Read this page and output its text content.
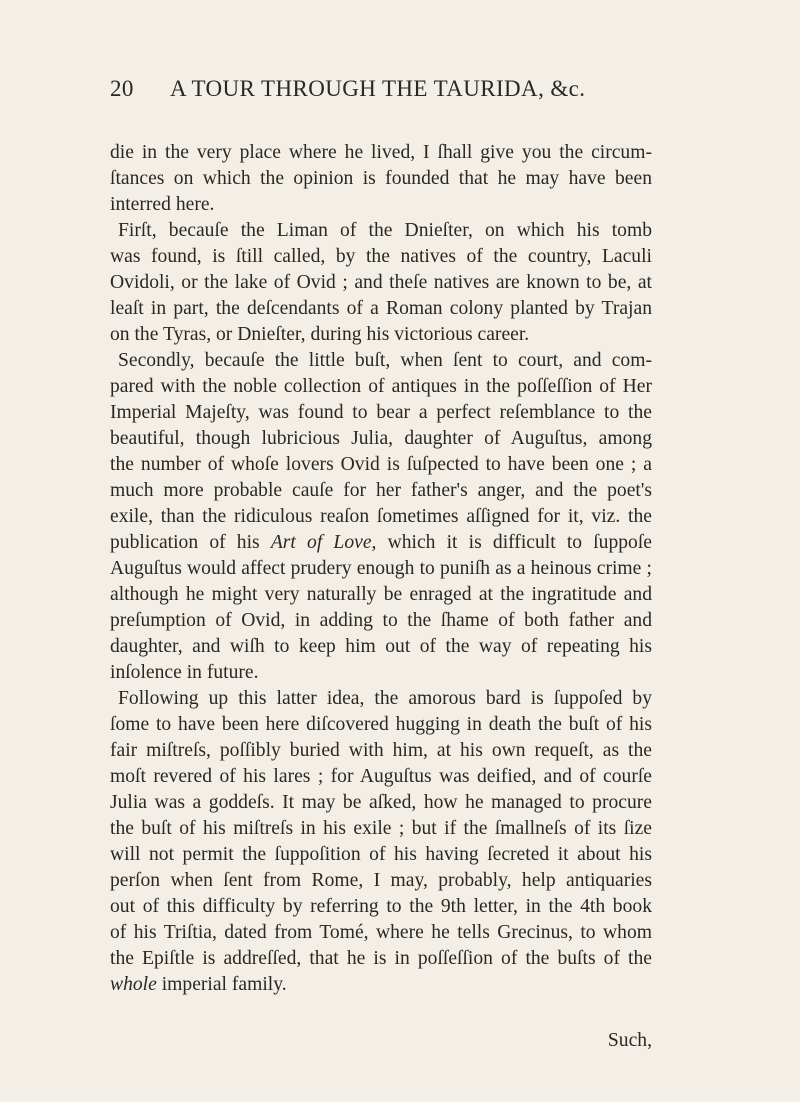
20 A TOUR THROUGH THE TAURIDA, &c.
die in the very place where he lived, I ſhall give you the circum-
ſtances on which the opinion is founded that he may have been
interred here.
Firſt, becauſe the Liman of the Dnieſter, on which his tomb
was found, is ſtill called, by the natives of the country, Laculi
Ovidoli, or the lake of Ovid ; and theſe natives are known to be, at
leaſt in part, the deſcendants of a Roman colony planted by Trajan
on the Tyras, or Dnieſter, during his victorious career.
Secondly, becauſe the little buſt, when ſent to court, and com-
pared with the noble collection of antiques in the poſſeſſion of Her
Imperial Majeſty, was found to bear a perfect reſemblance to the
beautiful, though lubricious Julia, daughter of Auguſtus, among
the number of whoſe lovers Ovid is ſuſpected to have been one ; a
much more probable cauſe for her father's anger, and the poet's
exile, than the ridiculous reaſon ſometimes aſſigned for it, viz. the
publication of his Art of Love, which it is difficult to ſuppoſe
Auguſtus would affect prudery enough to puniſh as a heinous crime ;
although he might very naturally be enraged at the ingratitude and
preſumption of Ovid, in adding to the ſhame of both father and
daughter, and wiſh to keep him out of the way of repeating his
inſolence in future.
Following up this latter idea, the amorous bard is ſuppoſed by
ſome to have been here diſcovered hugging in death the buſt of his
fair miſtreſs, poſſibly buried with him, at his own requeſt, as the
moſt revered of his lares ; for Auguſtus was deified, and of courſe
Julia was a goddeſs. It may be aſked, how he managed to procure
the buſt of his miſtreſs in his exile ; but if the ſmallneſs of its ſize
will not permit the ſuppoſition of his having ſecreted it about his
perſon when ſent from Rome, I may, probably, help antiquaries
out of this difficulty by referring to the 9th letter, in the 4th book
of his Triſtia, dated from Tomé, where he tells Grecinus, to whom
the Epiſtle is addreſſed, that he is in poſſeſſion of the buſts of the
whole imperial family.
Such,
